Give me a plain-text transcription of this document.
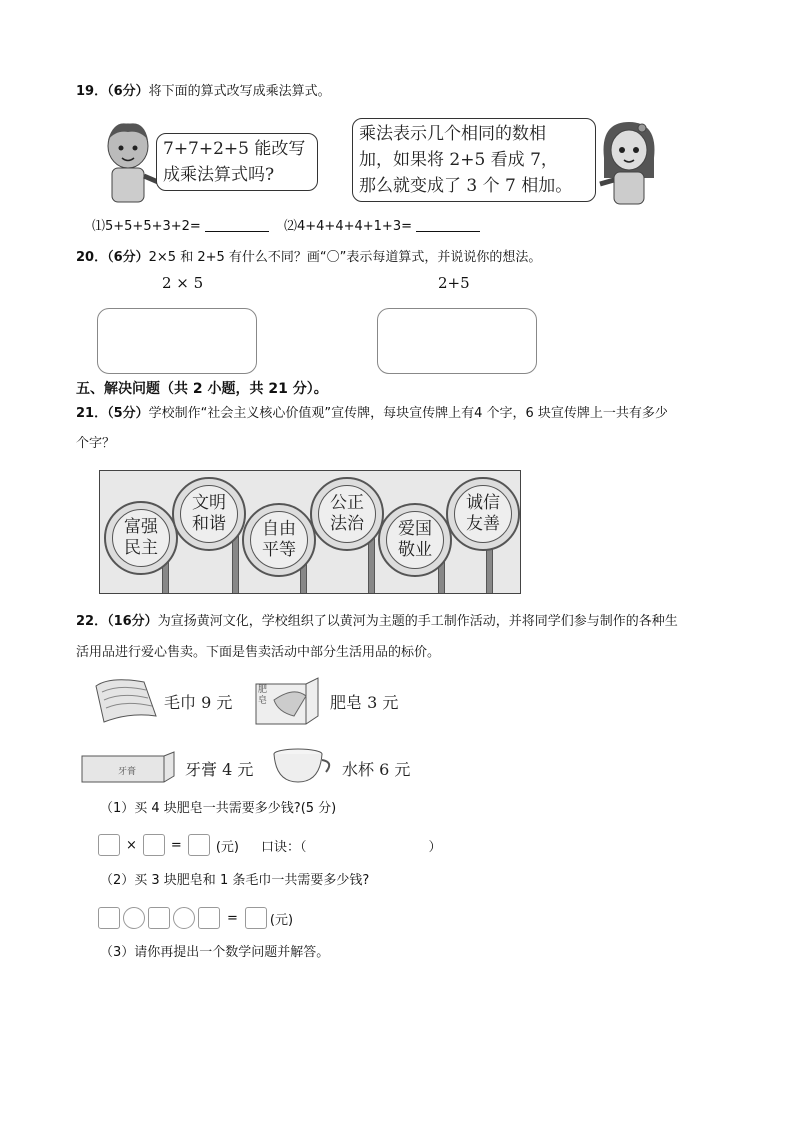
19．（6分）将下面的算式改写成乘法算式。
7+7+2+5 能改写
成乘法算式吗?
乘法表示几个相同的数相
加，如果将 2+5 看成 7，
那么就变成了 3 个 7 相加。
⑴5+5+5+3+2=	⑵4+4+4+4+1+3=
20．（6分）2×5 和 2+5 有什么不同？画“〇”表示每道算式，并说说你的想法。
2 × 5	2+5
五、解决问题（共 2 小题，共 21 分）。
21．（5分）学校制作“社会主义核心价值观”宣传牌，每块宣传牌上有4 个字，6 块宣传牌上一共有多少
个字？
富强
民主
文明
和谐 自由
平等
公正
法治 爱国
敬业
诚信
友善
22．（16分）为宣扬黄河文化，学校组织了以黄河为主题的手工制作活动，并将同学们参与制作的各种生
活用品进行爱心售卖。下面是售卖活动中部分生活用品的标价。
毛巾 9 元
肥皂	肥皂 3 元
牙膏	牙膏 4 元	水杯 6 元
（1）买 4 块肥皂一共需要多少钱?(5 分)
×	=	(元) 口诀：（	）
（2）买 3 块肥皂和 1 条毛巾一共需要多少钱?
= (元)
（3）请你再提出一个数学问题并解答。
